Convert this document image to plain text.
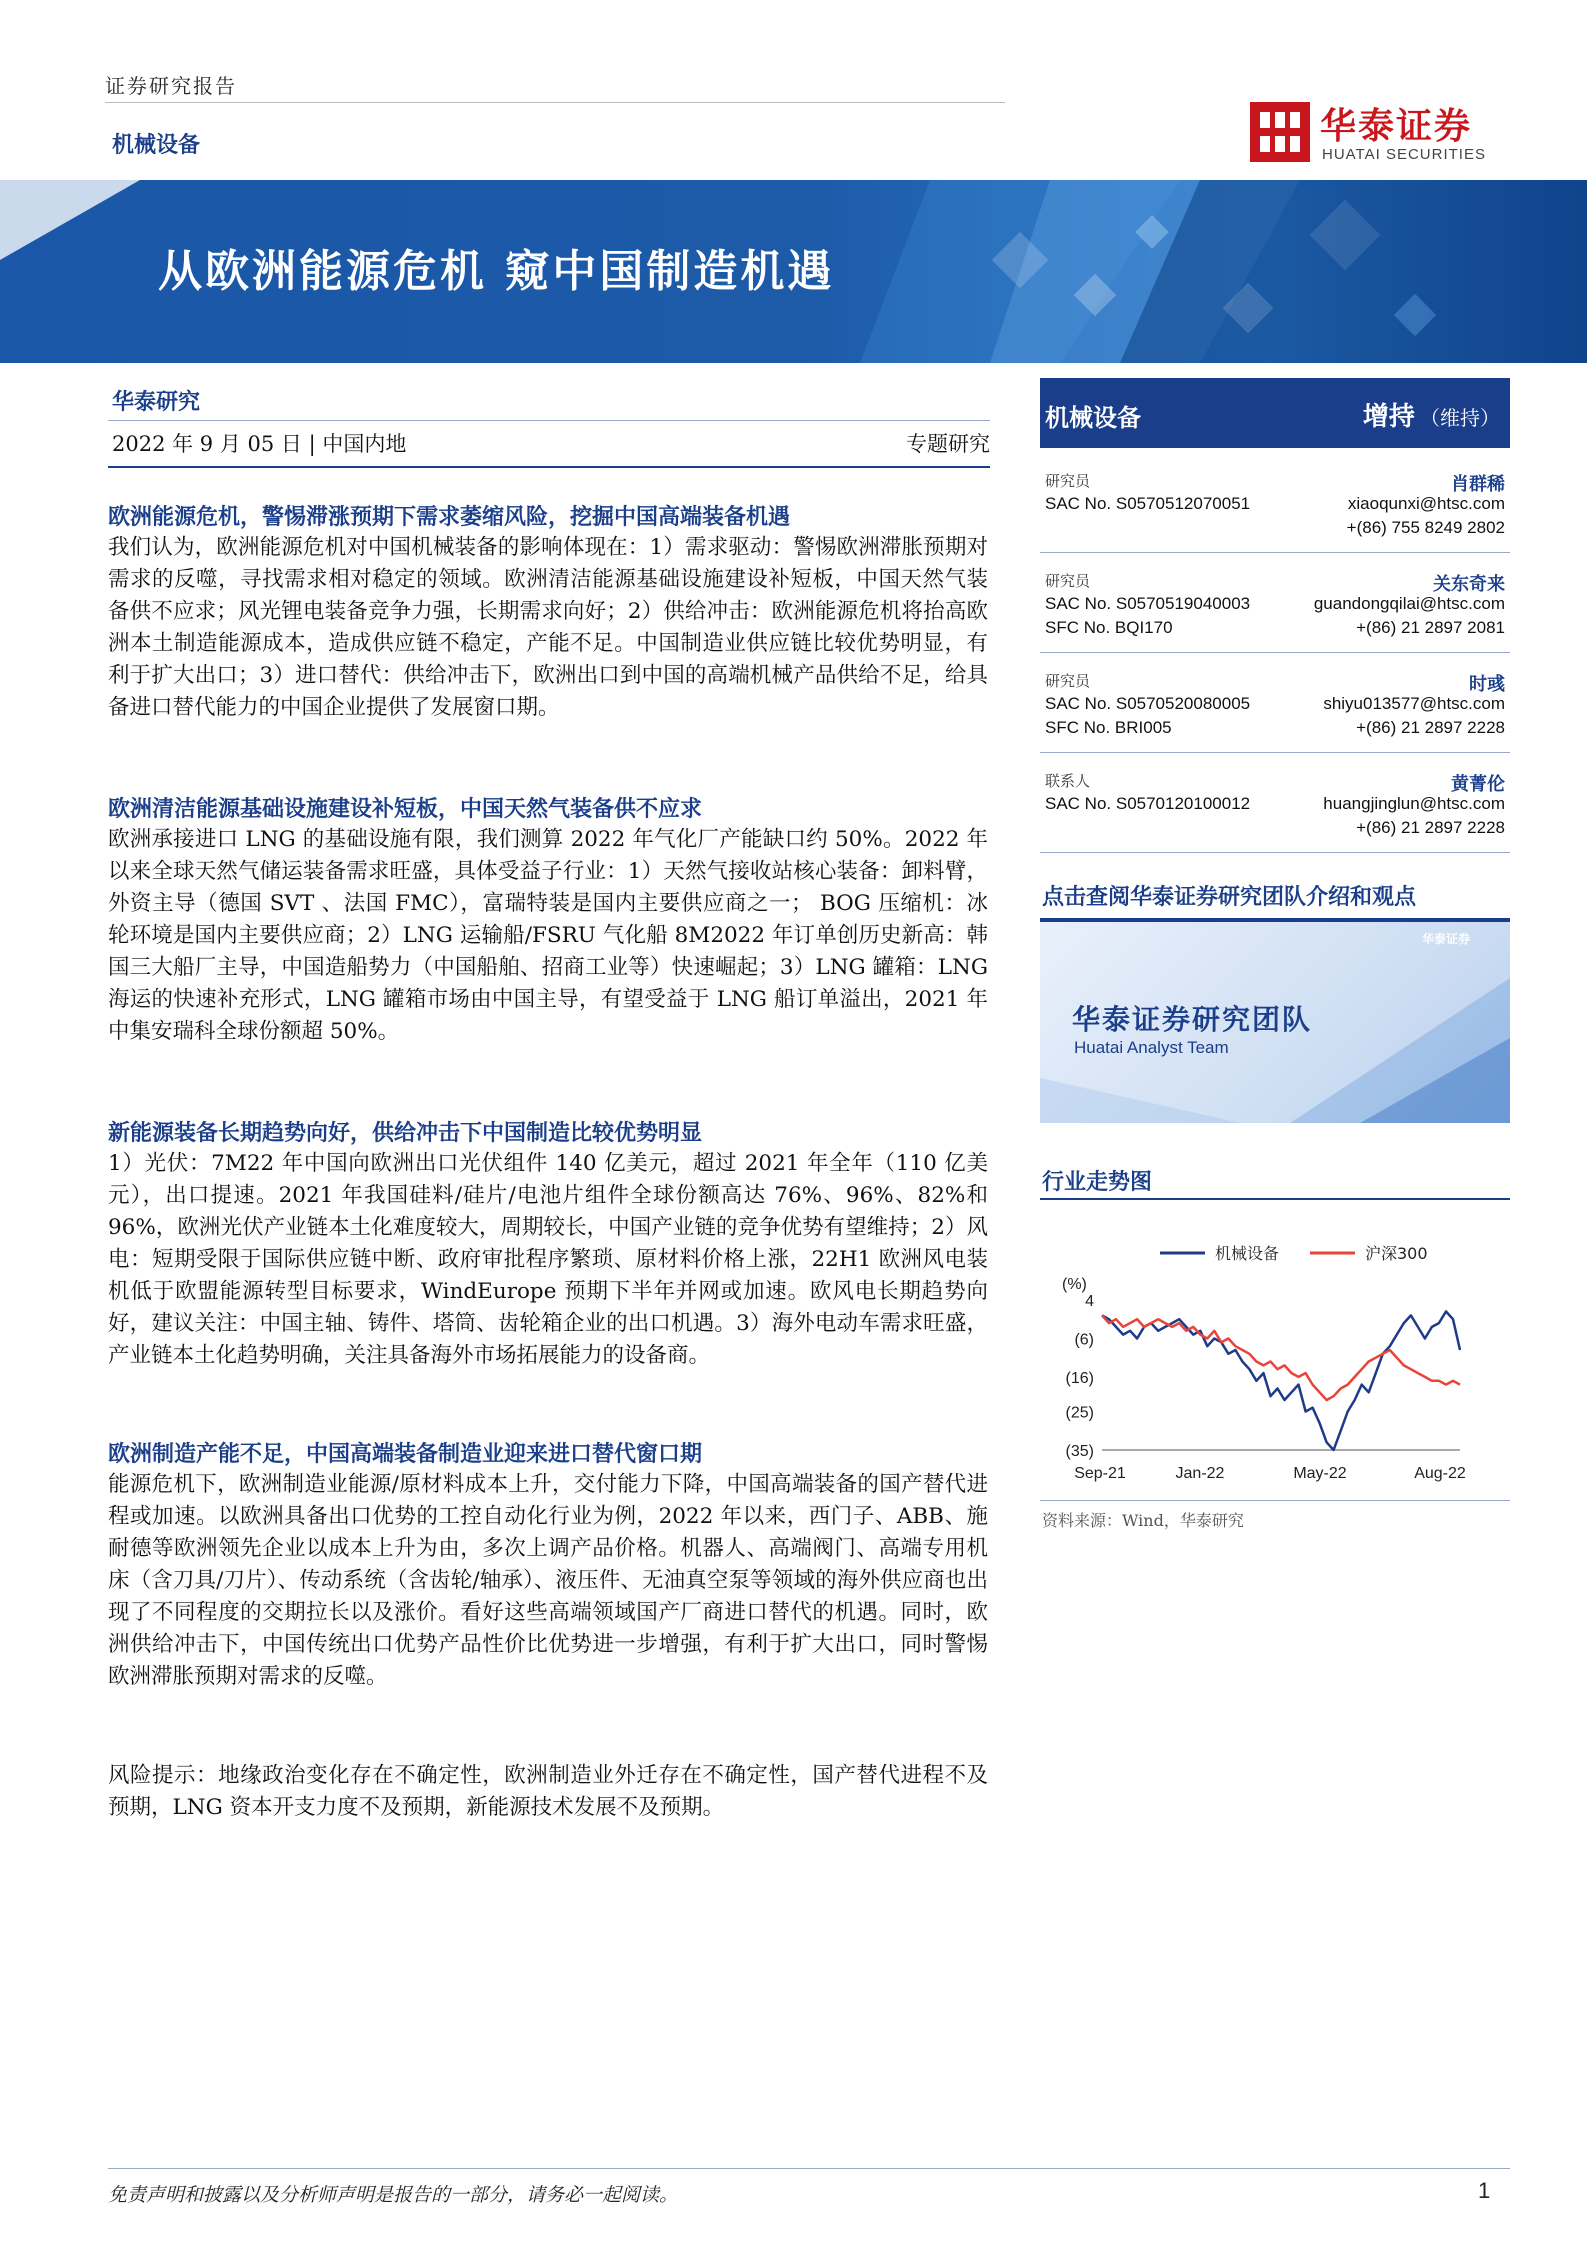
证券研究报告
机械设备	华泰证券
HUATAI SECURITIES
从欧洲能源危机 窥中国制造机遇
华泰研究
2022 年 9 月 05 日 | 中国内地	专题研究
欧洲能源危机，警惕滞涨预期下需求萎缩风险，挖掘中国高端装备机遇
我们认为，欧洲能源危机对中国机械装备的影响体现在：1）需求驱动：警惕欧洲滞胀预期对需求的反噬，寻找需求相对稳定的领域。欧洲清洁能源基础设施建设补短板，中国天然气装备供不应求；风光锂电装备竞争力强，长期需求向好；2）供给冲击：欧洲能源危机将抬高欧洲本土制造能源成本，造成供应链不稳定，产能不足。中国制造业供应链比较优势明显，有利于扩大出口；3）进口替代：供给冲击下，欧洲出口到中国的高端机械产品供给不足，给具备进口替代能力的中国企业提供了发展窗口期。
欧洲清洁能源基础设施建设补短板，中国天然气装备供不应求
欧洲承接进口 LNG 的基础设施有限，我们测算 2022 年气化厂产能缺口约 50%。2022 年以来全球天然气储运装备需求旺盛，具体受益子行业：1）天然气接收站核心装备：卸料臂，外资主导（德国 SVT 、法国 FMC），富瑞特装是国内主要供应商之一； BOG 压缩机：冰轮环境是国内主要供应商；2）LNG 运输船/FSRU 气化船 8M2022 年订单创历史新高：韩国三大船厂主导，中国造船势力（中国船舶、招商工业等）快速崛起；3）LNG 罐箱：LNG 海运的快速补充形式，LNG 罐箱市场由中国主导，有望受益于 LNG 船订单溢出，2021 年中集安瑞科全球份额超 50%。
新能源装备长期趋势向好，供给冲击下中国制造比较优势明显
1）光伏：7M22 年中国向欧洲出口光伏组件 140 亿美元，超过 2021 年全年（110 亿美元），出口提速。2021 年我国硅料/硅片/电池片组件全球份额高达 76%、96%、82%和 96%，欧洲光伏产业链本土化难度较大，周期较长，中国产业链的竞争优势有望维持；2）风电：短期受限于国际供应链中断、政府审批程序繁琐、原材料价格上涨，22H1 欧洲风电装机低于欧盟能源转型目标要求，WindEurope 预期下半年并网或加速。欧风电长期趋势向好，建议关注：中国主轴、铸件、塔筒、齿轮箱企业的出口机遇。3）海外电动车需求旺盛，产业链本土化趋势明确，关注具备海外市场拓展能力的设备商。
欧洲制造产能不足，中国高端装备制造业迎来进口替代窗口期
能源危机下，欧洲制造业能源/原材料成本上升，交付能力下降，中国高端装备的国产替代进程或加速。以欧洲具备出口优势的工控自动化行业为例，2022 年以来，西门子、ABB、施耐德等欧洲领先企业以成本上升为由，多次上调产品价格。机器人、高端阀门、高端专用机床（含刀具/刀片）、传动系统（含齿轮/轴承）、液压件、无油真空泵等领域的海外供应商也出现了不同程度的交期拉长以及涨价。看好这些高端领域国产厂商进口替代的机遇。同时，欧洲供给冲击下，中国传统出口优势产品性价比优势进一步增强，有利于扩大出口，同时警惕欧洲滞胀预期对需求的反噬。
风险提示：地缘政治变化存在不确定性，欧洲制造业外迁存在不确定性，国产替代进程不及预期，LNG 资本开支力度不及预期，新能源技术发展不及预期。
机械设备	增持 （维持）
研究员	肖群稀
SAC No. S0570512070051	xiaoqunxi@htsc.com
+(86) 755 8249 2802
研究员	关东奇来
SAC No. S0570519040003	guandongqilai@htsc.com
SFC No. BQI170	+(86) 21 2897 2081
研究员	时彧
SAC No. S0570520080005	shiyu013577@htsc.com
SFC No. BRI005	+(86) 21 2897 2228
联系人	黄菁伦
SAC No. S0570120100012	huangjinglun@htsc.com
+(86) 21 2897 2228
点击查阅华泰证券研究团队介绍和观点
华泰证券
华泰证券研究团队
Huatai Analyst Team
行业走势图
机械设备	沪深300
(%)
4
(6)
(16)
(25)
(35)
Sep-21	Jan-22	May-22	Aug-22
资料来源：Wind，华泰研究
免责声明和披露以及分析师声明是报告的一部分，请务必一起阅读。	1
